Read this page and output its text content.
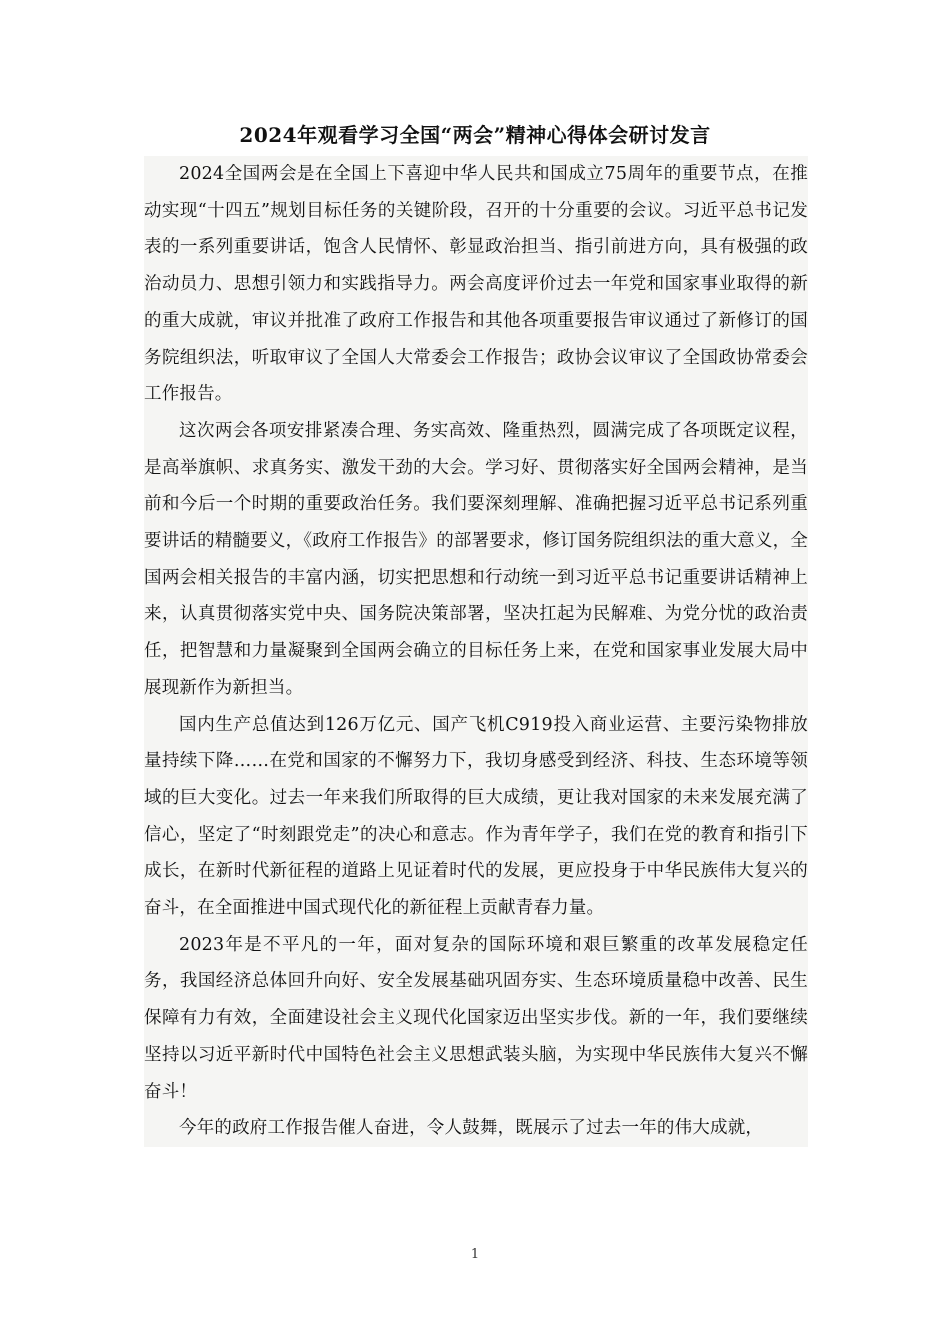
2024年观看学习全国“两会”精神心得体会研讨发言

2024全国两会是在全国上下喜迎中华人民共和国成立75周年的重要节点，在推动实现“十四五”规划目标任务的关键阶段，召开的十分重要的会议。习近平总书记发表的一系列重要讲话，饱含人民情怀、彰显政治担当、指引前进方向，具有极强的政治动员力、思想引领力和实践指导力。两会高度评价过去一年党和国家事业取得的新的重大成就，审议并批准了政府工作报告和其他各项重要报告审议通过了新修订的国务院组织法，听取审议了全国人大常委会工作报告；政协会议审议了全国政协常委会工作报告。

这次两会各项安排紧凑合理、务实高效、隆重热烈，圆满完成了各项既定议程，是高举旗帜、求真务实、激发干劲的大会。学习好、贯彻落实好全国两会精神，是当前和今后一个时期的重要政治任务。我们要深刻理解、准确把握习近平总书记系列重要讲话的精髓要义，《政府工作报告》的部署要求，修订国务院组织法的重大意义，全国两会相关报告的丰富内涵，切实把思想和行动统一到习近平总书记重要讲话精神上来，认真贯彻落实党中央、国务院决策部署，坚决扛起为民解难、为党分忧的政治责任，把智慧和力量凝聚到全国两会确立的目标任务上来，在党和国家事业发展大局中展现新作为新担当。

国内生产总值达到126万亿元、国产飞机C919投入商业运营、主要污染物排放量持续下降……在党和国家的不懈努力下，我切身感受到经济、科技、生态环境等领域的巨大变化。过去一年来我们所取得的巨大成绩，更让我对国家的未来发展充满了信心，坚定了“时刻跟党走”的决心和意志。作为青年学子，我们在党的教育和指引下成长，在新时代新征程的道路上见证着时代的发展，更应投身于中华民族伟大复兴的奋斗，在全面推进中国式现代化的新征程上贡献青春力量。

2023年是不平凡的一年，面对复杂的国际环境和艰巨繁重的改革发展稳定任务，我国经济总体回升向好、安全发展基础巩固夯实、生态环境质量稳中改善、民生保障有力有效，全面建设社会主义现代化国家迈出坚实步伐。新的一年，我们要继续坚持以习近平新时代中国特色社会主义思想武装头脑，为实现中华民族伟大复兴不懈奋斗！

今年的政府工作报告催人奋进，令人鼓舞，既展示了过去一年的伟大成就，

1
